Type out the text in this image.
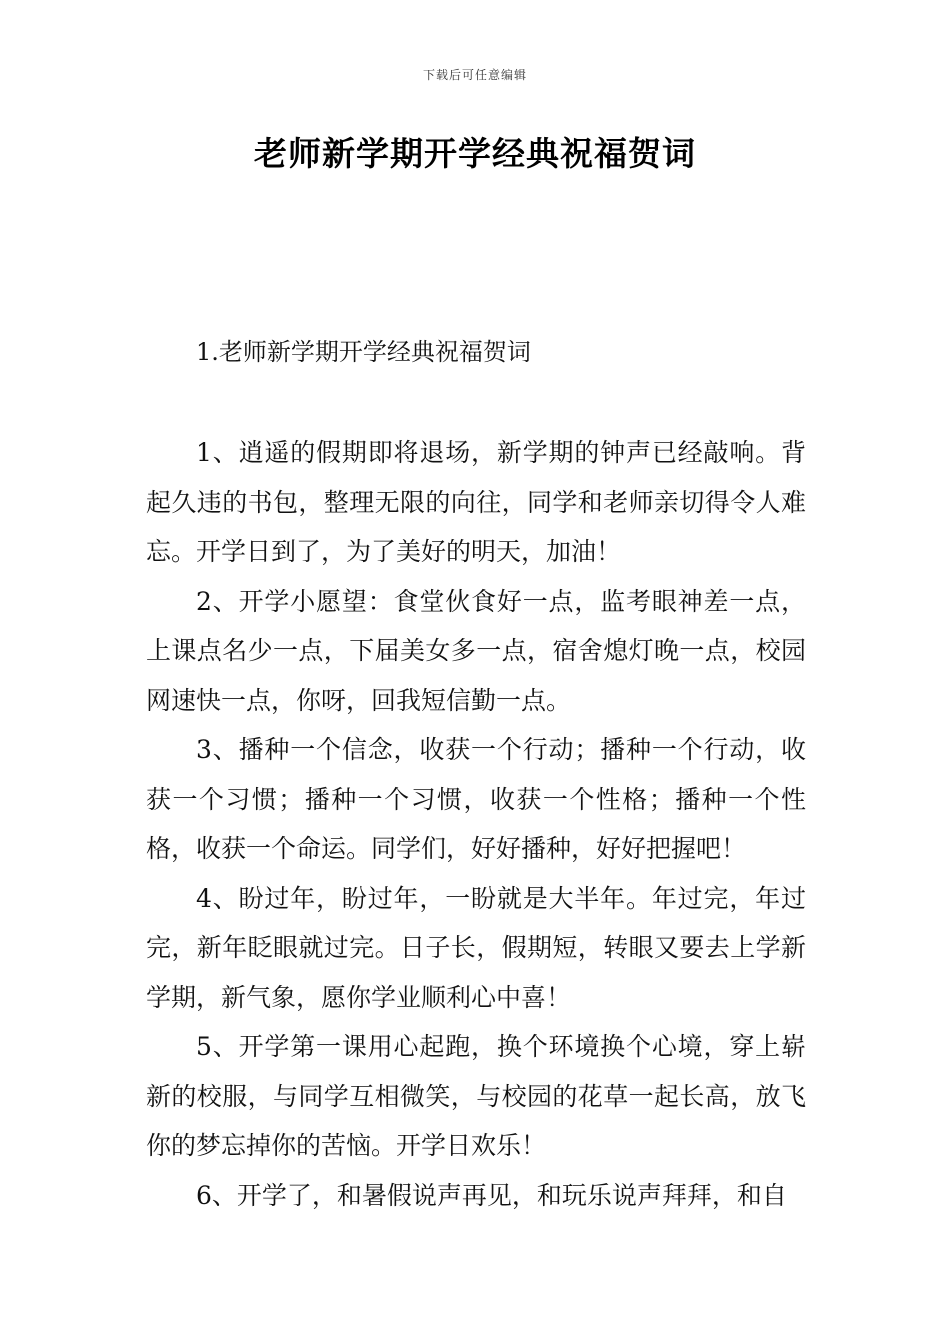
下载后可任意编辑
老师新学期开学经典祝福贺词
1.老师新学期开学经典祝福贺词

1、逍遥的假期即将退场，新学期的钟声已经敲响。背起久违的书包，整理无限的向往，同学和老师亲切得令人难忘。开学日到了，为了美好的明天，加油！

2、开学小愿望：食堂伙食好一点，监考眼神差一点，上课点名少一点，下届美女多一点，宿舍熄灯晚一点，校园网速快一点，你呀，回我短信勤一点。

3、播种一个信念，收获一个行动；播种一个行动，收获一个习惯；播种一个习惯，收获一个性格；播种一个性格，收获一个命运。同学们，好好播种，好好把握吧！

4、盼过年，盼过年，一盼就是大半年。年过完，年过完，新年眨眼就过完。日子长，假期短，转眼又要去上学新学期，新气象，愿你学业顺利心中喜！

5、开学第一课用心起跑，换个环境换个心境，穿上崭新的校服，与同学互相微笑，与校园的花草一起长高，放飞你的梦忘掉你的苦恼。开学日欢乐！

6、开学了，和暑假说声再见，和玩乐说声拜拜，和自
